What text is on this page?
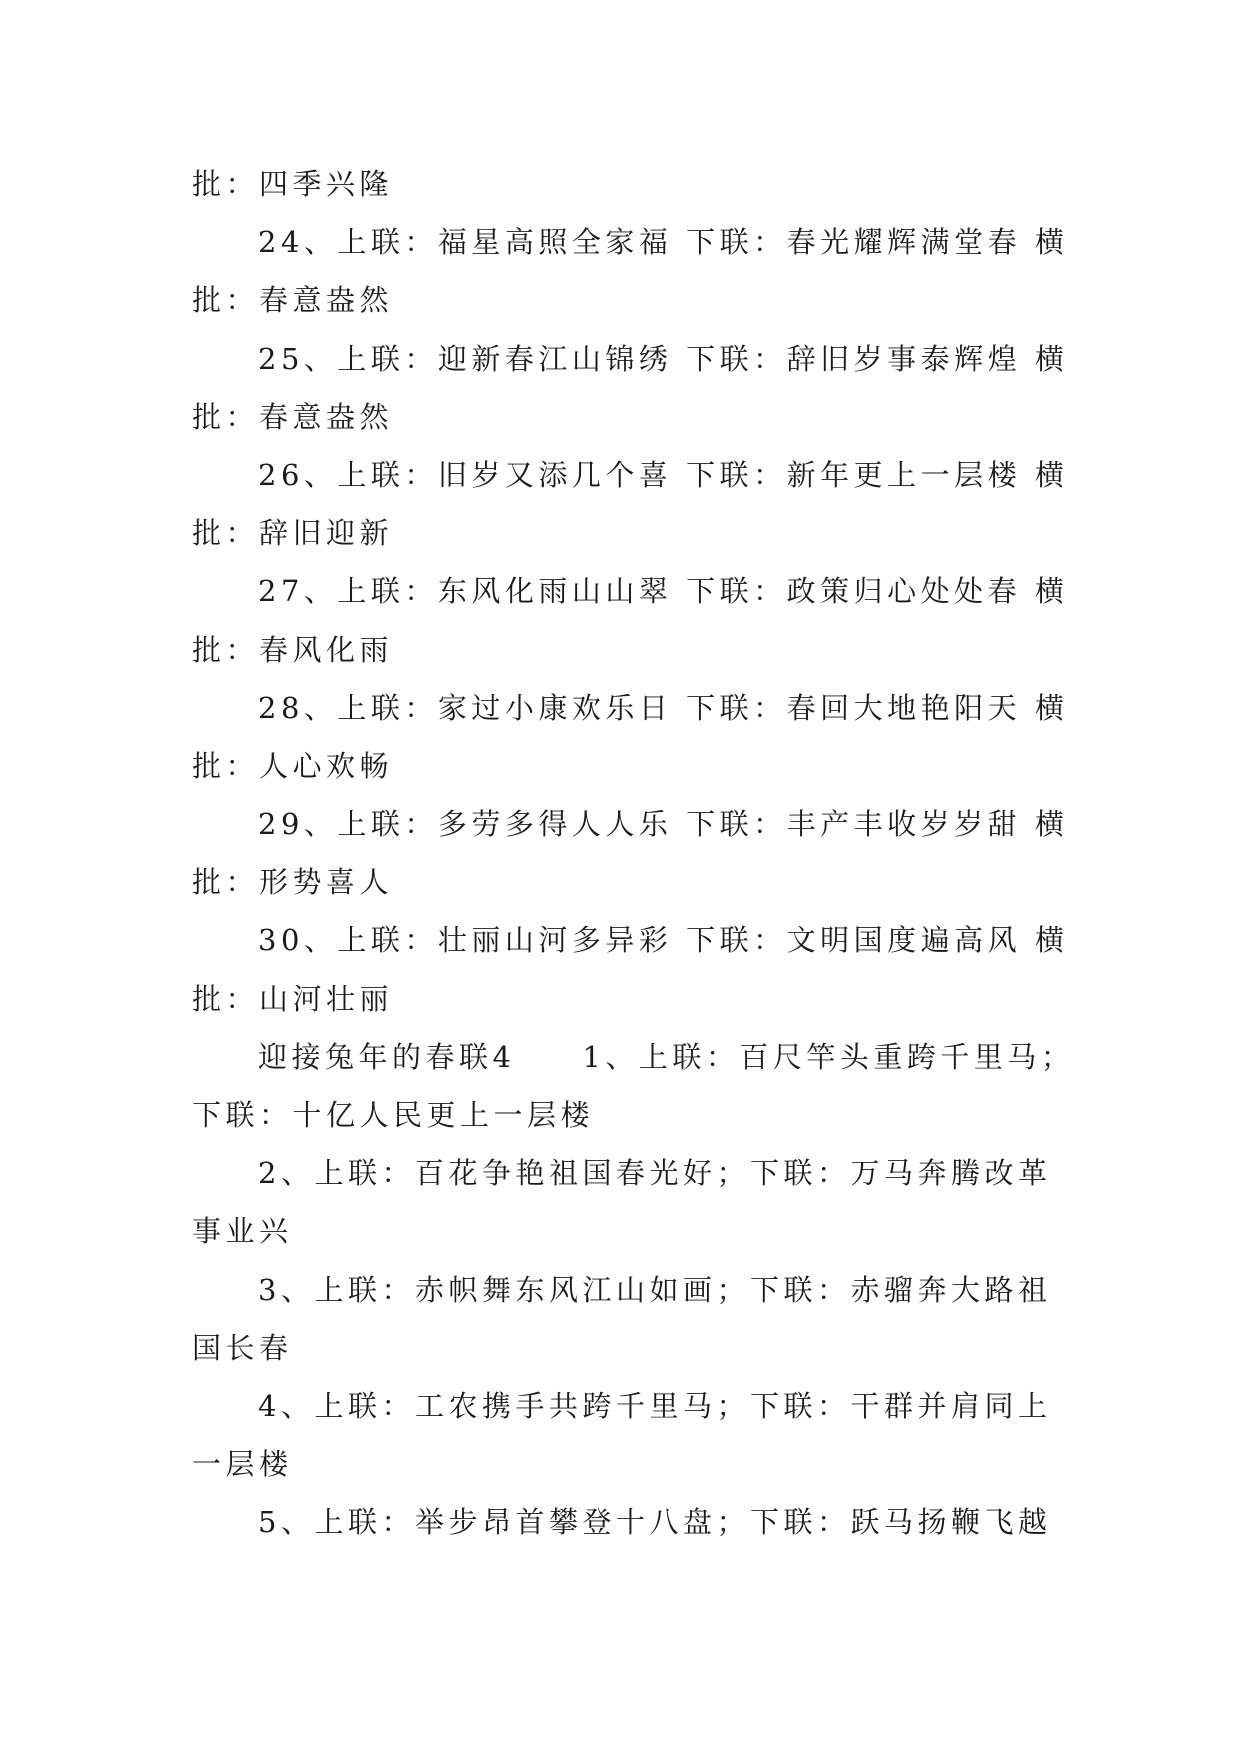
批：四季兴隆
24、上联：福星高照全家福 下联：春光耀辉满堂春 横
批：春意盎然
25、上联：迎新春江山锦绣 下联：辞旧岁事泰辉煌 横
批：春意盎然
26、上联：旧岁又添几个喜 下联：新年更上一层楼 横
批：辞旧迎新
27、上联：东风化雨山山翠 下联：政策归心处处春 横
批：春风化雨
28、上联：家过小康欢乐日 下联：春回大地艳阳天 横
批：人心欢畅
29、上联：多劳多得人人乐 下联：丰产丰收岁岁甜 横
批：形势喜人
30、上联：壮丽山河多异彩 下联：文明国度遍高风 横
批：山河壮丽
迎接兔年的春联4　　1、上联：百尺竿头重跨千里马；
下联：十亿人民更上一层楼
2、上联：百花争艳祖国春光好；下联：万马奔腾改革
事业兴
3、上联：赤帜舞东风江山如画；下联：赤骝奔大路祖
国长春
4、上联：工农携手共跨千里马；下联：干群并肩同上
一层楼
5、上联：举步昂首攀登十八盘；下联：跃马扬鞭飞越
